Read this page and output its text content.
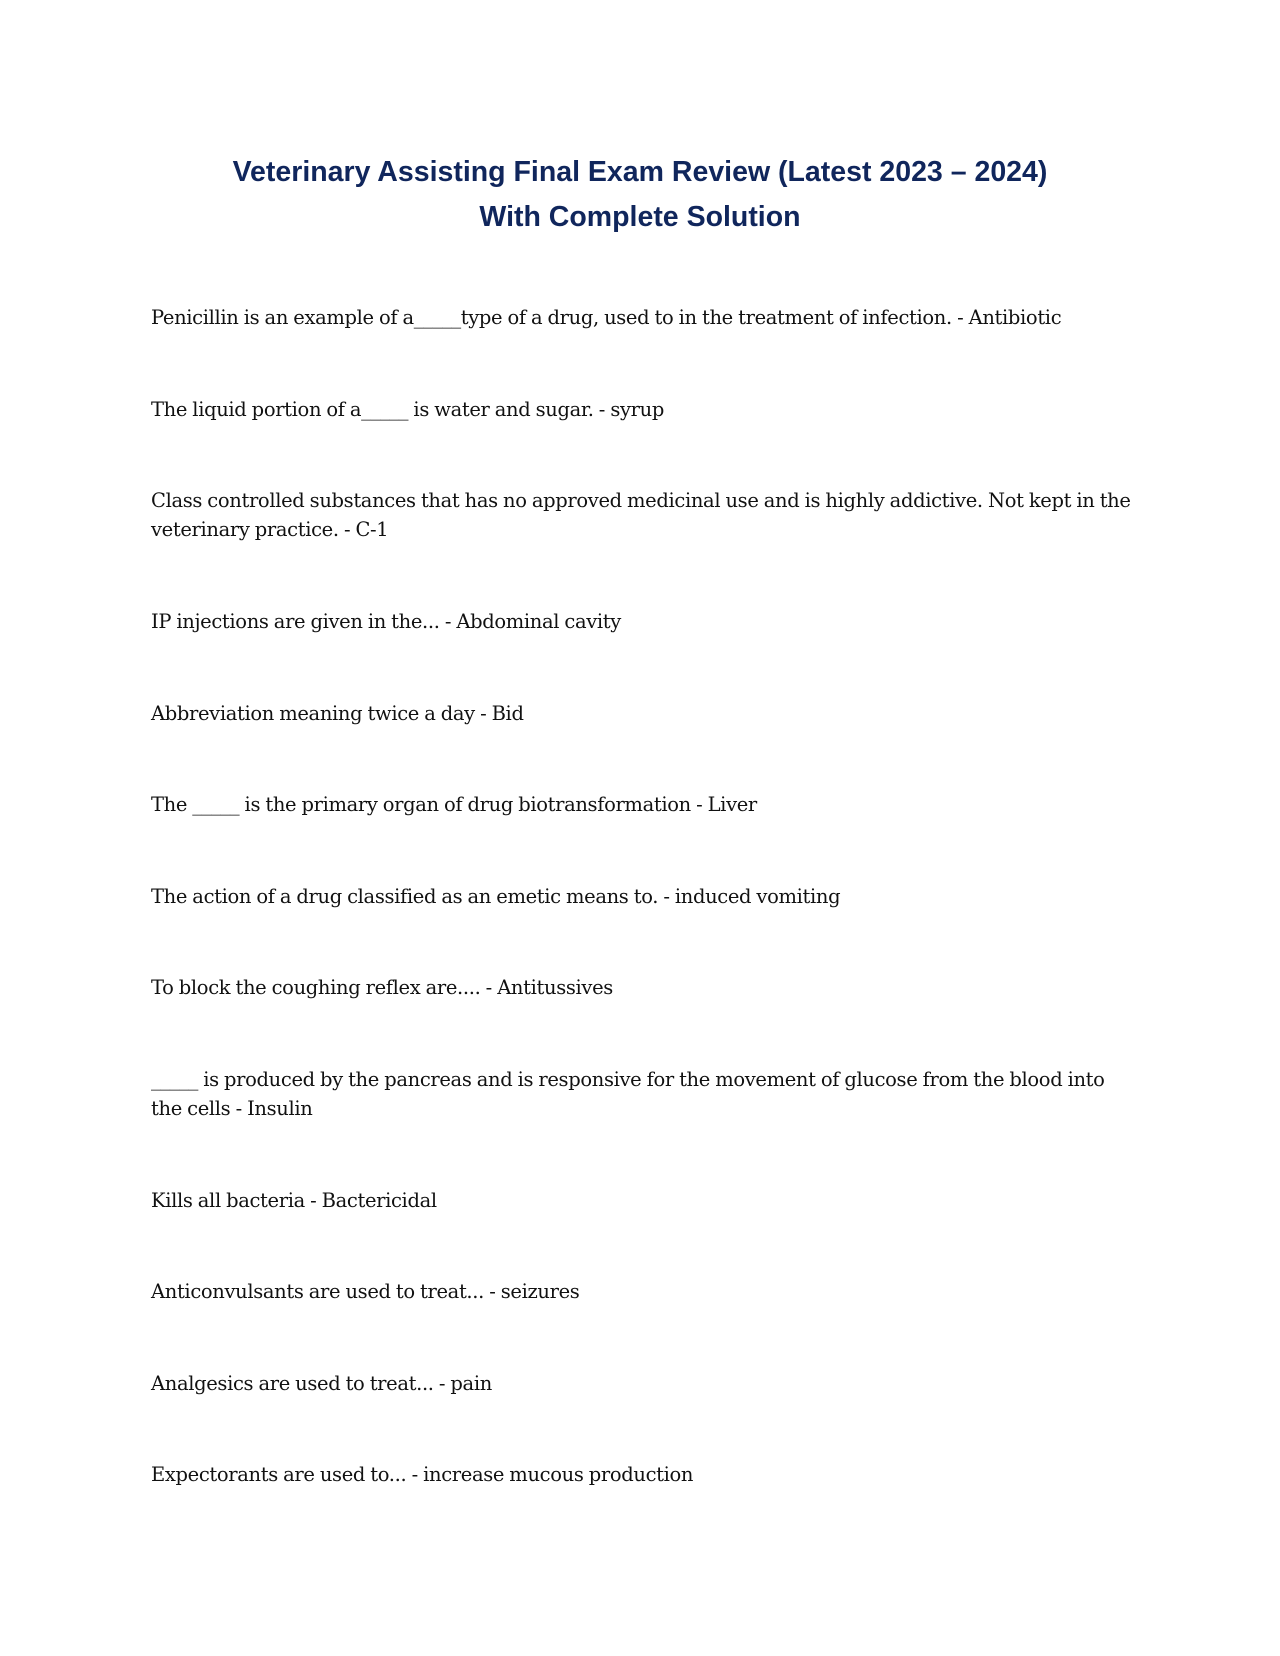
Veterinary Assisting Final Exam Review (Latest 2023 – 2024)
With Complete Solution

Penicillin is an example of a_____type of a drug, used to in the treatment of infection. - Antibiotic

The liquid portion of a_____ is water and sugar. - syrup

Class controlled substances that has no approved medicinal use and is highly addictive. Not kept in the veterinary practice. - C-1

IP injections are given in the... - Abdominal cavity

Abbreviation meaning twice a day - Bid

The _____ is the primary organ of drug biotransformation - Liver

The action of a drug classified as an emetic means to. - induced vomiting

To block the coughing reflex are.... - Antitussives

_____ is produced by the pancreas and is responsive for the movement of glucose from the blood into the cells - Insulin

Kills all bacteria - Bactericidal

Anticonvulsants are used to treat... - seizures

Analgesics are used to treat... - pain

Expectorants are used to... - increase mucous production
